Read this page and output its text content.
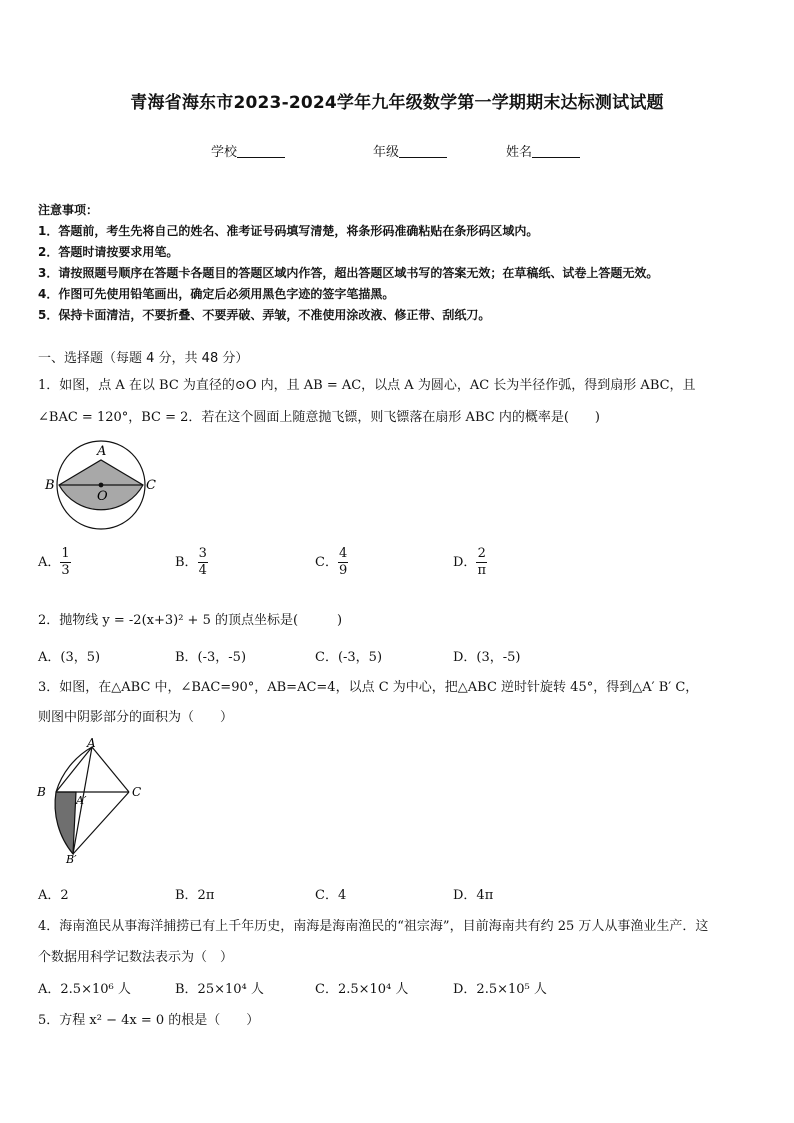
青海省海东市2023-2024学年九年级数学第一学期期末达标测试试题
学校	年级	姓名
注意事项：
1．答题前，考生先将自己的姓名、准考证号码填写清楚，将条形码准确粘贴在条形码区域内。
2．答题时请按要求用笔。
3．请按照题号顺序在答题卡各题目的答题区域内作答，超出答题区域书写的答案无效；在草稿纸、试卷上答题无效。
4．作图可先使用铅笔画出，确定后必须用黑色字迹的签字笔描黑。
5．保持卡面清洁，不要折叠、不要弄破、弄皱，不准使用涂改液、修正带、刮纸刀。
一、选择题（每题 4 分，共 48 分）
1．如图，点 A 在以 BC 为直径的⊙O 内，且 AB = AC，以点 A 为圆心，AC 长为半径作弧，得到扇形 ABC，且
∠BAC = 120°，BC = 2．若在这个圆面上随意抛飞镖，则飞镖落在扇形 ABC 内的概率是(　　)
A
B	C
O
A． $\frac{1}{3}$	B． $\frac{3}{4}$	C． $\frac{4}{9}$	D． $\frac{2}{\pi}$
2．抛物线 y = -2(x+3)² + 5 的顶点坐标是(　　　)
A．(3，5)	B．(-3，-5)	C．(-3，5)	D．(3，-5)
3．如图，在△ABC 中，∠BAC=90°，AB=AC=4，以点 C 为中心，把△ABC 逆时针旋转 45°，得到△A′ B′ C，
则图中阴影部分的面积为（　　）
A
B	C
A′
B′
A．2	B．2π	C．4	D．4π
4．海南渔民从事海洋捕捞已有上千年历史，南海是海南渔民的“祖宗海”，目前海南共有约 25 万人从事渔业生产．这
个数据用科学记数法表示为（　）
A．2.5×10⁶ 人	B．25×10⁴ 人	C．2.5×10⁴ 人	D．2.5×10⁵ 人
5．方程 x² − 4x = 0 的根是（　　）
